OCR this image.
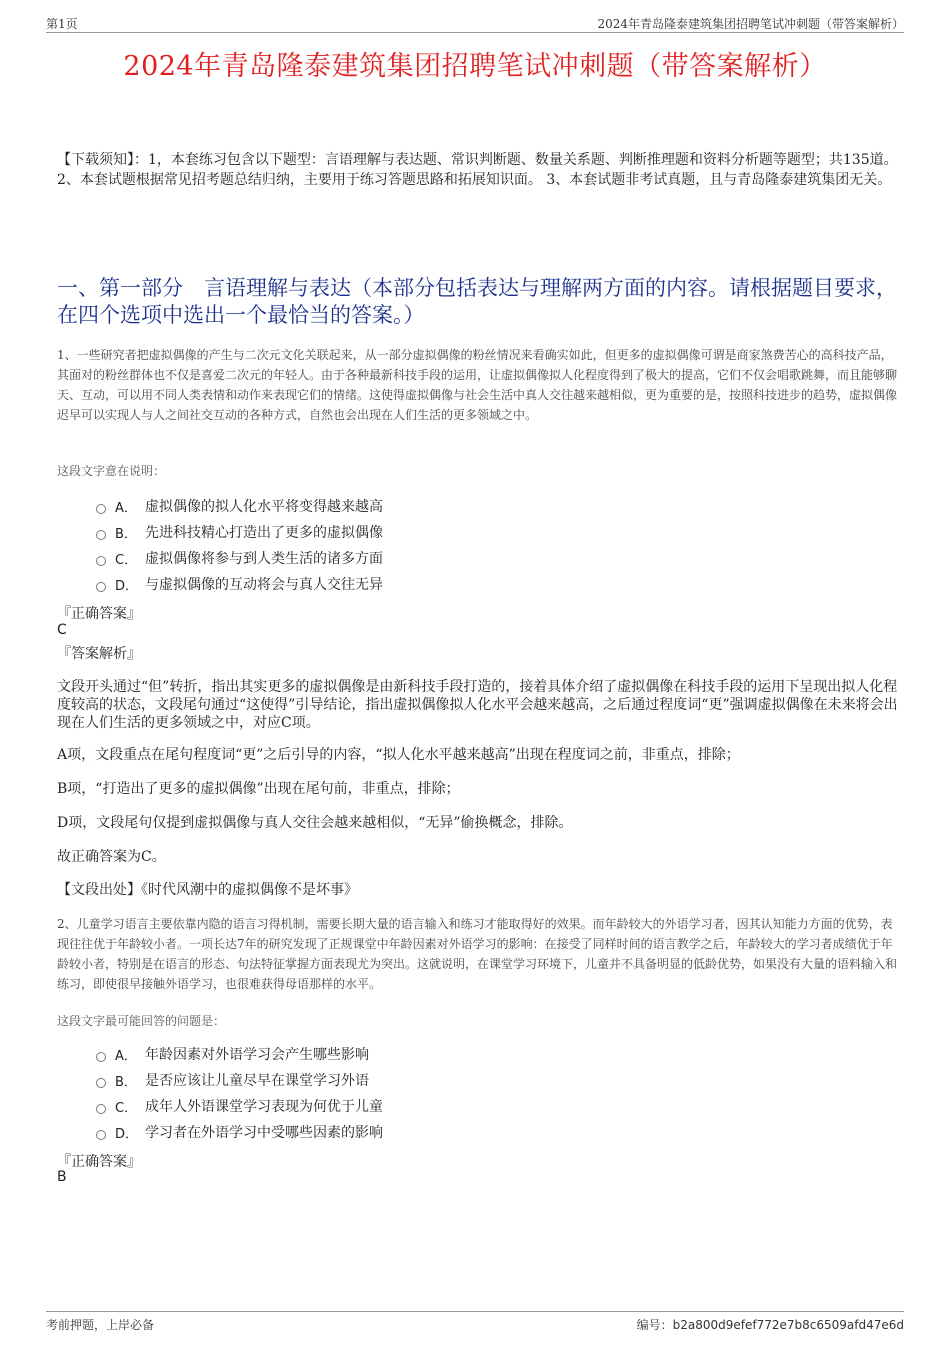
第1页	2024年青岛隆泰建筑集团招聘笔试冲刺题（带答案解析）
2024年青岛隆泰建筑集团招聘笔试冲刺题（带答案解析）
【下载须知】：1，本套练习包含以下题型：言语理解与表达题、常识判断题、数量关系题、判断推理题和资料分析题等题型；共135道。 2、本套试题根据常见招考题总结归纳，主要用于练习答题思路和拓展知识面。 3、本套试题非考试真题，且与青岛隆泰建筑集团无关。
一、第一部分　言语理解与表达（本部分包括表达与理解两方面的内容。请根据题目要求，在四个选项中选出一个最恰当的答案。）
1、一些研究者把虚拟偶像的产生与二次元文化关联起来，从一部分虚拟偶像的粉丝情况来看确实如此，但更多的虚拟偶像可谓是商家煞费苦心的高科技产品，其面对的粉丝群体也不仅是喜爱二次元的年轻人。由于各种最新科技手段的运用，让虚拟偶像拟人化程度得到了极大的提高，它们不仅会唱歌跳舞，而且能够聊天、互动，可以用不同人类表情和动作来表现它们的情绪。这使得虚拟偶像与社会生活中真人交往越来越相似，更为重要的是，按照科技进步的趋势，虚拟偶像迟早可以实现人与人之间社交互动的各种方式，自然也会出现在人们生活的更多领域之中。
这段文字意在说明：
A． 虚拟偶像的拟人化水平将变得越来越高
B． 先进科技精心打造出了更多的虚拟偶像
C． 虚拟偶像将参与到人类生活的诸多方面
D． 与虚拟偶像的互动将会与真人交往无异
『正确答案』
C
『答案解析』
文段开头通过“但”转折，指出其实更多的虚拟偶像是由新科技手段打造的，接着具体介绍了虚拟偶像在科技手段的运用下呈现出拟人化程度较高的状态，文段尾句通过“这使得”引导结论，指出虚拟偶像拟人化水平会越来越高，之后通过程度词“更”强调虚拟偶像在未来将会出现在人们生活的更多领域之中，对应C项。
A项，文段重点在尾句程度词“更”之后引导的内容，“拟人化水平越来越高”出现在程度词之前，非重点，排除；
B项，“打造出了更多的虚拟偶像”出现在尾句前，非重点，排除；
D项，文段尾句仅提到虚拟偶像与真人交往会越来越相似，“无异”偷换概念，排除。
故正确答案为C。
【文段出处】《时代风潮中的虚拟偶像不是坏事》
2、儿童学习语言主要依靠内隐的语言习得机制，需要长期大量的语言输入和练习才能取得好的效果。而年龄较大的外语学习者，因其认知能力方面的优势，表现往往优于年龄较小者。一项长达7年的研究发现了正规课堂中年龄因素对外语学习的影响：在接受了同样时间的语言教学之后，年龄较大的学习者成绩优于年龄较小者，特别是在语言的形态、句法特征掌握方面表现尤为突出。这就说明，在课堂学习环境下，儿童并不具备明显的低龄优势，如果没有大量的语料输入和练习，即使很早接触外语学习，也很难获得母语那样的水平。
这段文字最可能回答的问题是：
A． 年龄因素对外语学习会产生哪些影响
B． 是否应该让儿童尽早在课堂学习外语
C． 成年人外语课堂学习表现为何优于儿童
D． 学习者在外语学习中受哪些因素的影响
『正确答案』
B
考前押题，上岸必备	编号：b2a800d9efef772e7b8c6509afd47e6d
